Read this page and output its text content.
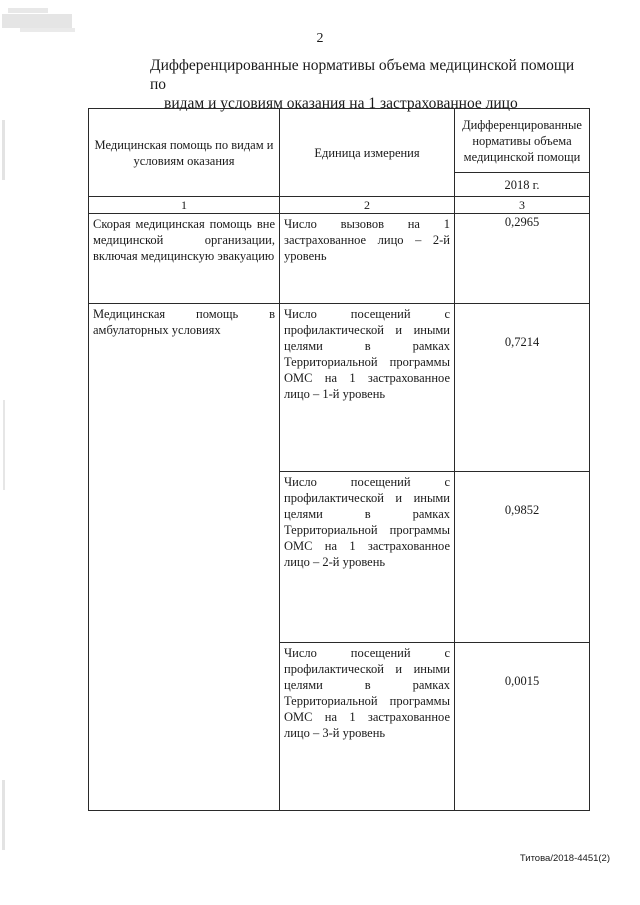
2
Дифференцированные нормативы объема медицинской помощи по
видам и условиям оказания на 1 застрахованное лицо
Медицинская помощь по видам и условиям оказания	Единица измерения	Дифференцированные нормативы объема медицинской помощи
		2018 г.
1	2	3
Скорая медицинская помощь вне медицинской организации, включая медицинскую эвакуацию	Число вызовов на 1 застрахованное лицо – 2-й уровень	0,2965
Медицинская помощь в амбулаторных условиях	Число посещений с профилактической и иными целями в рамках Территориальной программы ОМС на 1 застрахованное лицо – 1-й уровень	0,7214
	Число посещений с профилактической и иными целями в рамках Территориальной программы ОМС на 1 застрахованное лицо – 2-й уровень	0,9852
	Число посещений с профилактической и иными целями в рамках Территориальной программы ОМС на 1 застрахованное лицо – 3-й уровень	0,0015
Титова/2018-4451(2)
